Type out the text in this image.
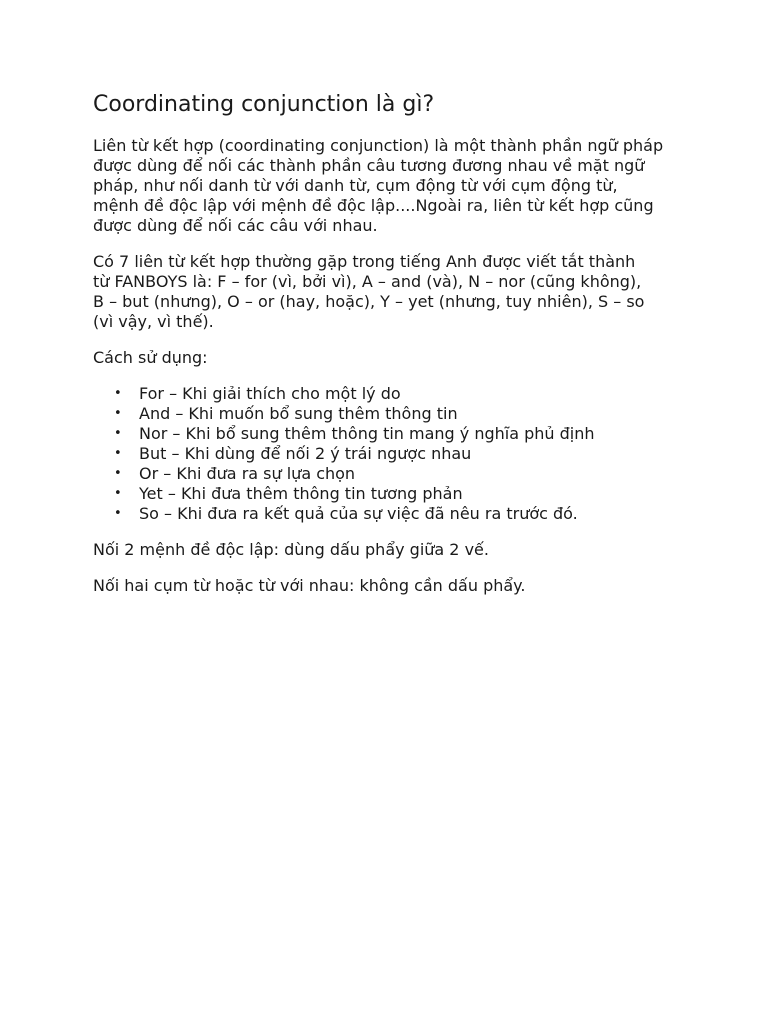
Coordinating conjunction là gì?

Liên từ kết hợp (coordinating conjunction) là một thành phần ngữ pháp được dùng để nối các thành phần câu tương đương nhau về mặt ngữ pháp, như nối danh từ với danh từ, cụm động từ với cụm động từ, mệnh đề độc lập với mệnh đề độc lập....Ngoài ra, liên từ kết hợp cũng được dùng để nối các câu với nhau.

Có 7 liên từ kết hợp thường gặp trong tiếng Anh được viết tắt thành từ FANBOYS là: F – for (vì, bởi vì), A – and (và), N – nor (cũng không), B – but (nhưng), O – or (hay, hoặc), Y – yet (nhưng, tuy nhiên), S – so (vì vậy, vì thế).

Cách sử dụng:

• For – Khi giải thích cho một lý do
• And – Khi muốn bổ sung thêm thông tin
• Nor – Khi bổ sung thêm thông tin mang ý nghĩa phủ định
• But – Khi dùng để nối 2 ý trái ngược nhau
• Or – Khi đưa ra sự lựa chọn
• Yet – Khi đưa thêm thông tin tương phản
• So – Khi đưa ra kết quả của sự việc đã nêu ra trước đó.

Nối 2 mệnh đề độc lập: dùng dấu phẩy giữa 2 vế.

Nối hai cụm từ hoặc từ với nhau: không cần dấu phẩy.
